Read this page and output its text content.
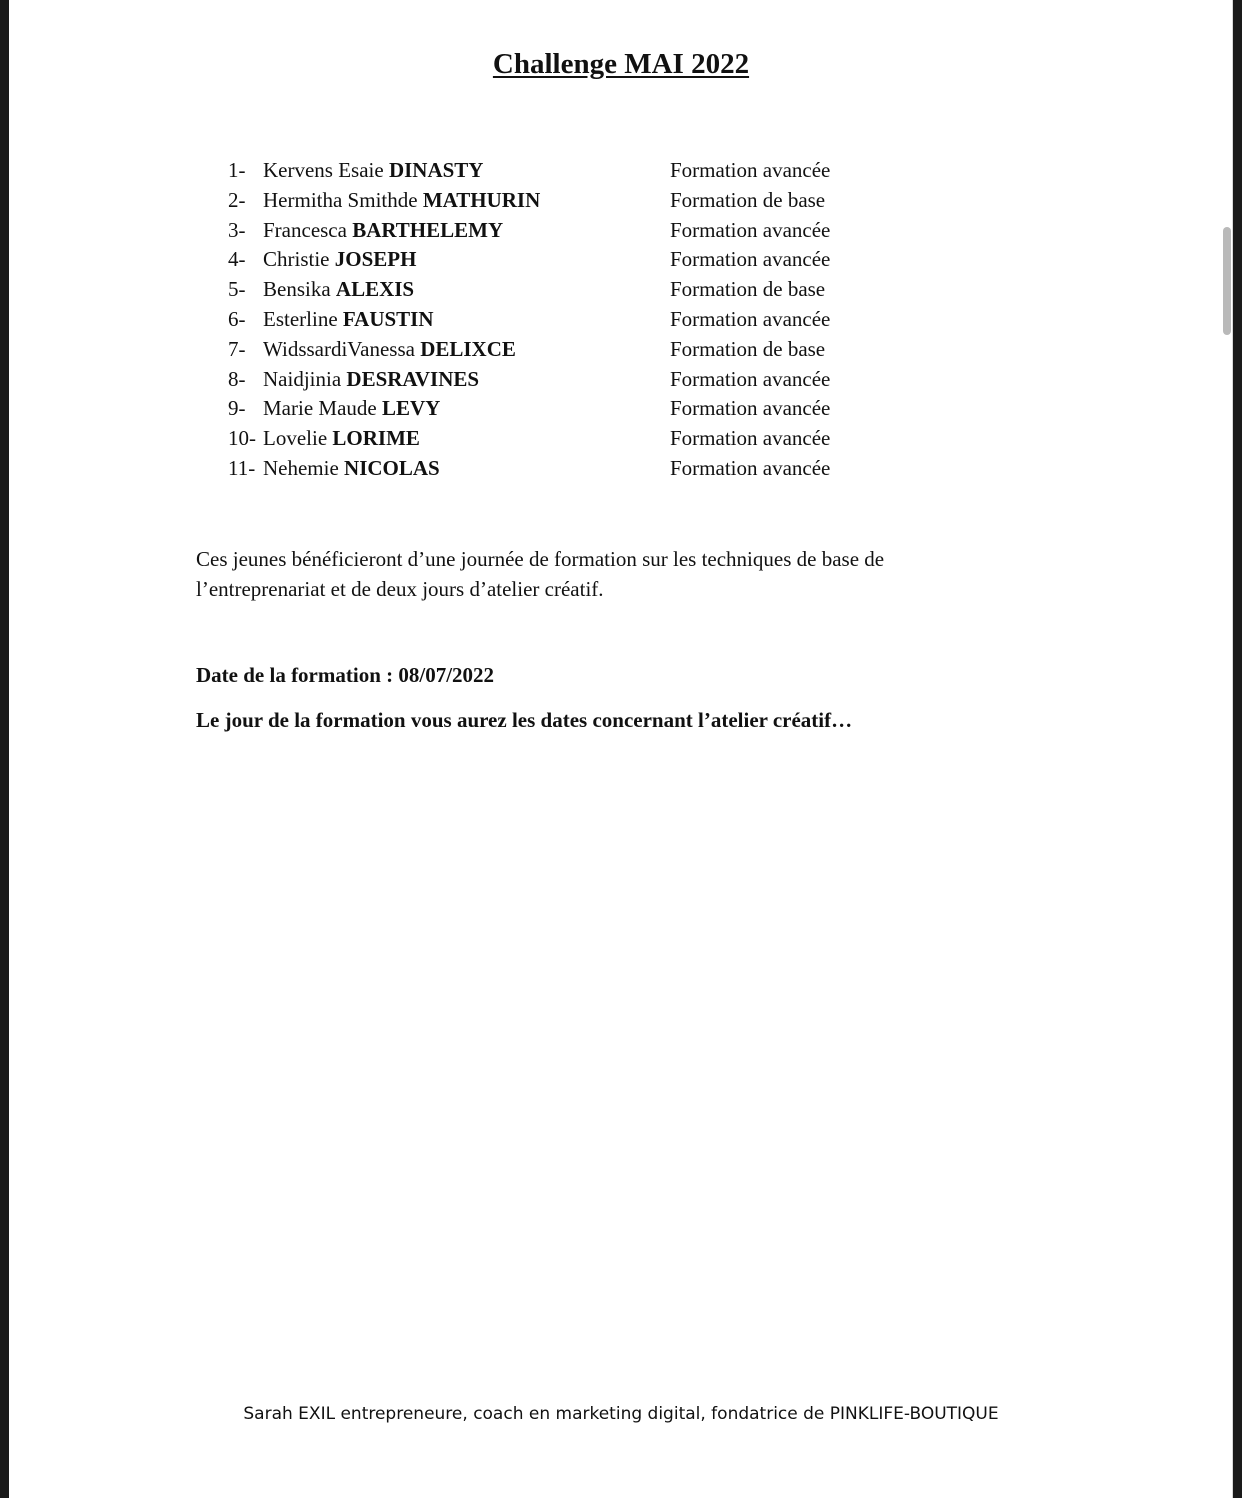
Challenge MAI 2022
1- Kervens Esaie DINASTY	Formation avancée
2- Hermitha Smithde MATHURIN	Formation de base
3- Francesca BARTHELEMY	Formation avancée
4- Christie JOSEPH	Formation avancée
5- Bensika ALEXIS	Formation de base
6- Esterline FAUSTIN	Formation avancée
7- WidssardiVanessa DELIXCE	Formation de base
8- Naidjinia DESRAVINES	Formation avancée
9- Marie Maude LEVY	Formation avancée
10- Lovelie LORIME	Formation avancée
11- Nehemie NICOLAS	Formation avancée
Ces jeunes bénéficieront d’une journée de formation sur les techniques de base de l’entreprenariat et de deux jours d’atelier créatif.
Date de la formation : 08/07/2022
Le jour de la formation vous aurez les dates concernant l’atelier créatif…
Sarah EXIL entrepreneure, coach en marketing digital, fondatrice de PINKLIFE-BOUTIQUE
